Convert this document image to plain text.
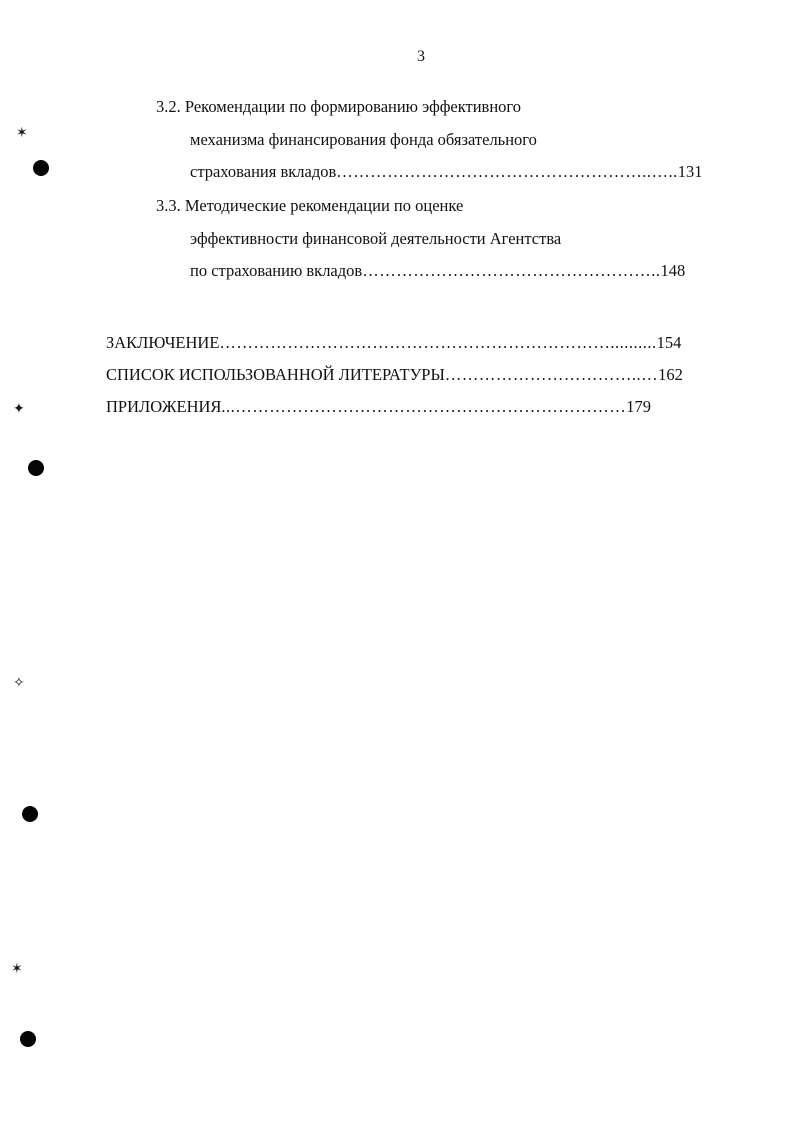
3
3.2. Рекомендации по формированию эффективного
механизма финансирования фонда обязательного
страхования вкладов………………………………………………..…..131
3.3. Методические рекомендации по оценке
эффективности финансовой деятельности Агентства
по страхованию вкладов……………………………………………..148
ЗАКЛЮЧЕНИЕ……………………………………………………………..........154
СПИСОК ИСПОЛЬЗОВАННОЙ ЛИТЕРАТУРЫ……………………………..…162
ПРИЛОЖЕНИЯ...……………………………………………………………179
✶
✦
✧
✶
